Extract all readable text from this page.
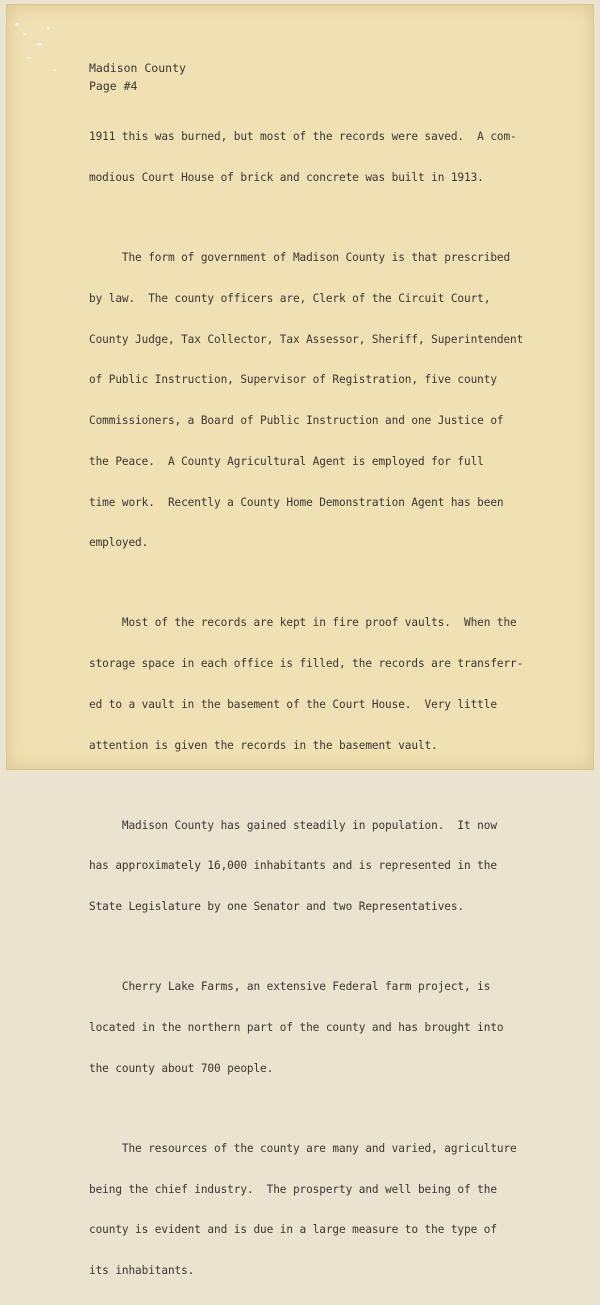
Madison County
Page #4

1911 this was burned, but most of the records were saved.  A com-

modious Court House of brick and concrete was built in 1913.

The form of government of Madison County is that prescribed

by law.  The county officers are, Clerk of the Circuit Court,

County Judge, Tax Collector, Tax Assessor, Sheriff, Superintendent

of Public Instruction, Supervisor of Registration, five county

Commissioners, a Board of Public Instruction and one Justice of

the Peace.  A County Agricultural Agent is employed for full

time work.  Recently a County Home Demonstration Agent has been

employed.

Most of the records are kept in fire proof vaults.  When the

storage space in each office is filled, the records are transferr-

ed to a vault in the basement of the Court House.  Very little

attention is given the records in the basement vault.

Madison County has gained steadily in population.  It now

has approximately 16,000 inhabitants and is represented in the

State Legislature by one Senator and two Representatives.

Cherry Lake Farms, an extensive Federal farm project, is

located in the northern part of the county and has brought into

the county about 700 people.

The resources of the county are many and varied, agriculture

being the chief industry.  The prosperty and well being of the

county is evident and is due in a large measure to the type of

its inhabitants.
